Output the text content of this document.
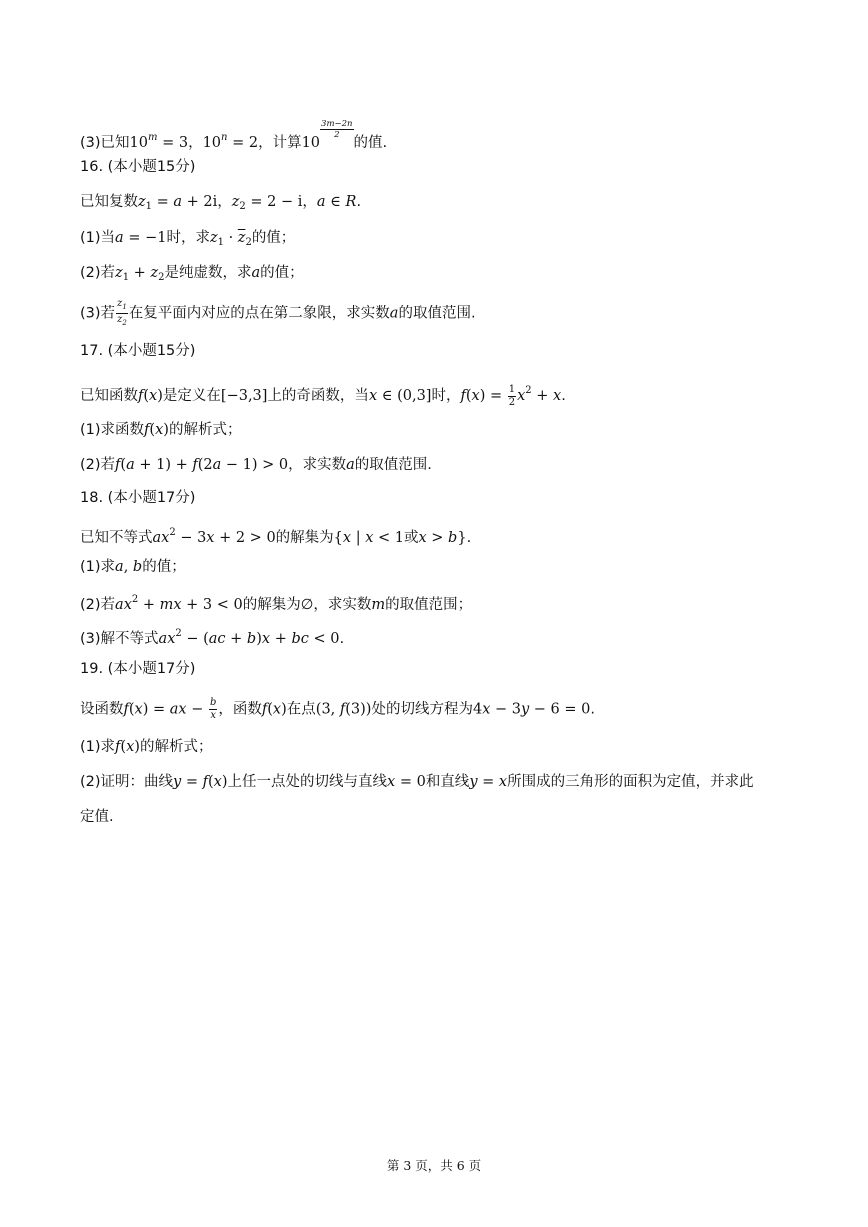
(3)已知$10^m = 3$，$10^n = 2$，计算10
$\frac{3m-2n}{2}$
的值.
16. (本小题15分)
已知复数$z_1 = a + 2i$，$z_2 = 2 - i$，a ∈ R.
(1)当a = −1时，求$z_1 \cdot \overline{z}_2$的值；
(2)若$z_1 + z_2$是纯虚数，求a的值；
(3)若 $\frac{z_1}{z_2}$ 在复平面内对应的点在第二象限，求实数a的取值范围.
17. (本小题15分)
已知函数f(x)是定义在[−3,3]上的奇函数，当x ∈ (0,3]时，$f(x) = \frac{1}{2} x^2 + x$.
(1)求函数f(x)的解析式；
(2)若f(a + 1) + f(2a − 1) > 0，求实数a的取值范围.
18. (本小题17分)
已知不等式$ax^2 - 3x + 2 > 0$的解集为{x | x < 1或x > b}.
(1)求a, b的值；
(2)若$ax^2$ + mx + 3 < 0的解集为∅，求实数m的取值范围；
(3)解不等式$ax^2 - (ac + b)x$ + bc < 0.
19. (本小题17分)
设函数f(x) = ax − $\frac{b}{x}$ ，函数f(x)在点(3, f(3))处的切线方程为4x − 3y − 6 = 0.
(1)求f(x)的解析式；
(2)证明：曲线y = f(x)上任一点处的切线与直线x = 0和直线y = x所围成的三角形的面积为定值，并求此
定值.
第 3 页，共 6 页
